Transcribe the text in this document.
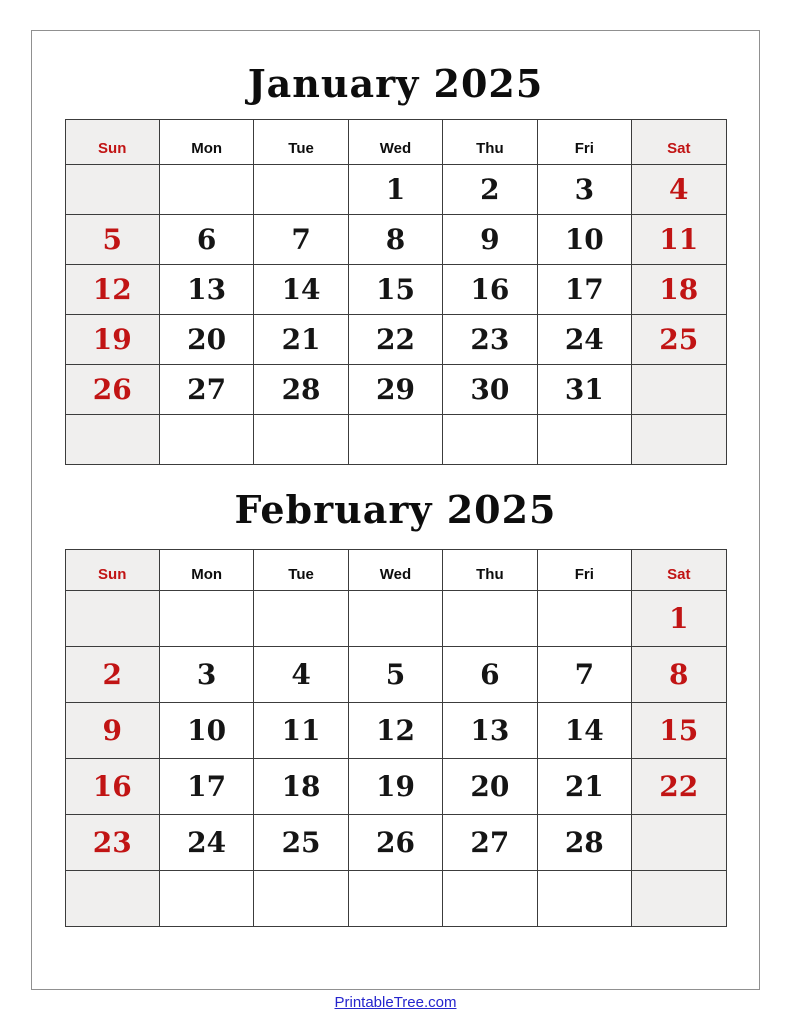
January 2025
Sun	Mon	Tue	Wed	Thu	Fri	Sat
			1	2	3	4
5	6	7	8	9	10	11
12	13	14	15	16	17	18
19	20	21	22	23	24	25
26	27	28	29	30	31	

February 2025
Sun	Mon	Tue	Wed	Thu	Fri	Sat
						1
2	3	4	5	6	7	8
9	10	11	12	13	14	15
16	17	18	19	20	21	22
23	24	25	26	27	28	

PrintableTree.com
